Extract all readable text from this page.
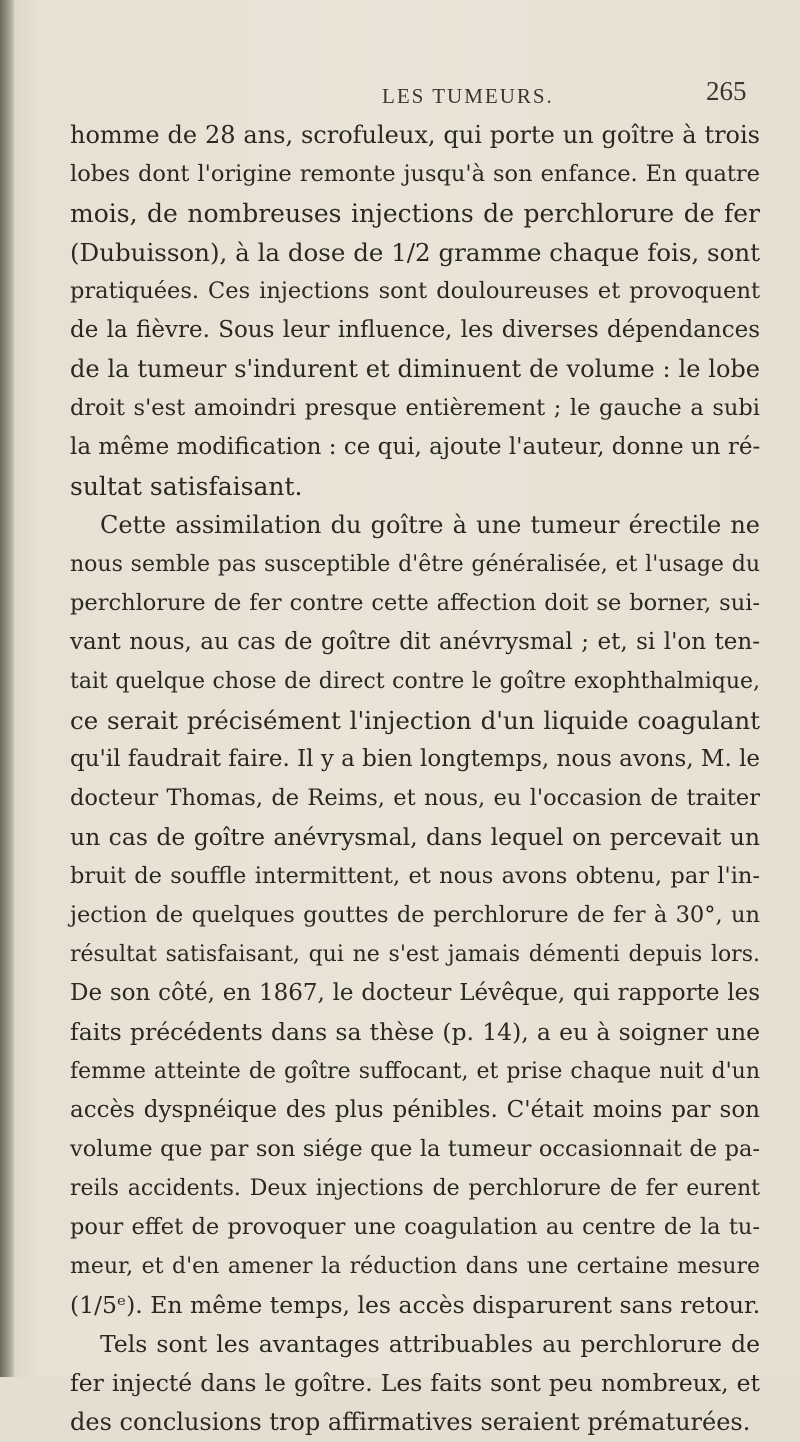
LES TUMEURS.	265
homme de 28 ans, scrofuleux, qui porte un goître à trois
lobes dont l'origine remonte jusqu'à son enfance. En quatre
mois, de nombreuses injections de perchlorure de fer
(Dubuisson), à la dose de 1/2 gramme chaque fois, sont
pratiquées. Ces injections sont douloureuses et provoquent
de la fièvre. Sous leur influence, les diverses dépendances
de la tumeur s'indurent et diminuent de volume : le lobe
droit s'est amoindri presque entièrement ; le gauche a subi
la même modification : ce qui, ajoute l'auteur, donne un ré-
sultat satisfaisant.
Cette assimilation du goître à une tumeur érectile ne
nous semble pas susceptible d'être généralisée, et l'usage du
perchlorure de fer contre cette affection doit se borner, sui-
vant nous, au cas de goître dit anévrysmal ; et, si l'on ten-
tait quelque chose de direct contre le goître exophthalmique,
ce serait précisément l'injection d'un liquide coagulant
qu'il faudrait faire. Il y a bien longtemps, nous avons, M. le
docteur Thomas, de Reims, et nous, eu l'occasion de traiter
un cas de goître anévrysmal, dans lequel on percevait un
bruit de souffle intermittent, et nous avons obtenu, par l'in-
jection de quelques gouttes de perchlorure de fer à 30°, un
résultat satisfaisant, qui ne s'est jamais démenti depuis lors.
De son côté, en 1867, le docteur Lévêque, qui rapporte les
faits précédents dans sa thèse (p. 14), a eu à soigner une
femme atteinte de goître suffocant, et prise chaque nuit d'un
accès dyspnéique des plus pénibles. C'était moins par son
volume que par son siége que la tumeur occasionnait de pa-
reils accidents. Deux injections de perchlorure de fer eurent
pour effet de provoquer une coagulation au centre de la tu-
meur, et d'en amener la réduction dans une certaine mesure
(1/5ᵉ). En même temps, les accès disparurent sans retour.
Tels sont les avantages attribuables au perchlorure de
fer injecté dans le goître. Les faits sont peu nombreux, et
des conclusions trop affirmatives seraient prématurées.
